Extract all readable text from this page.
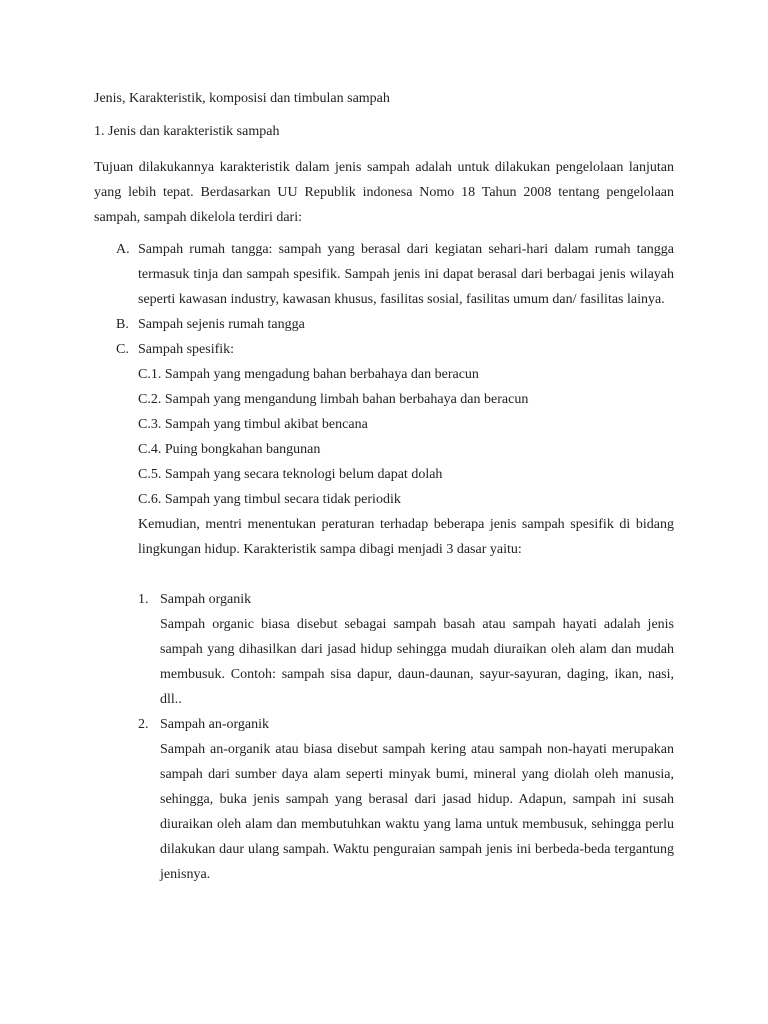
Jenis, Karakteristik, komposisi dan timbulan sampah

1. Jenis dan karakteristik sampah

Tujuan dilakukannya karakteristik dalam jenis sampah adalah untuk dilakukan pengelolaan lanjutan yang lebih tepat. Berdasarkan UU Republik indonesa Nomo 18 Tahun 2008 tentang pengelolaan sampah, sampah dikelola terdiri dari:

A. Sampah rumah tangga: sampah yang berasal dari kegiatan sehari-hari dalam rumah tangga termasuk tinja dan sampah spesifik. Sampah jenis ini dapat berasal dari berbagai jenis wilayah seperti kawasan industry, kawasan khusus, fasilitas sosial, fasilitas umum dan/ fasilitas lainya.
B. Sampah sejenis rumah tangga
C. Sampah spesifik:
C.1. Sampah yang mengadung bahan berbahaya dan beracun
C.2. Sampah yang mengandung limbah bahan berbahaya dan beracun
C.3. Sampah yang timbul akibat bencana
C.4. Puing bongkahan bangunan
C.5. Sampah yang secara teknologi belum dapat dolah
C.6. Sampah yang timbul secara tidak periodik
Kemudian, mentri menentukan peraturan terhadap beberapa jenis sampah spesifik di bidang lingkungan hidup. Karakteristik sampa dibagi menjadi 3 dasar yaitu:
1. Sampah organik
Sampah organic biasa disebut sebagai sampah basah atau sampah hayati adalah jenis sampah yang dihasilkan dari jasad hidup sehingga mudah diuraikan oleh alam dan mudah membusuk. Contoh: sampah sisa dapur, daun-daunan, sayur-sayuran, daging, ikan, nasi, dll..
2. Sampah an-organik
Sampah an-organik atau biasa disebut sampah kering atau sampah non-hayati merupakan sampah dari sumber daya alam seperti minyak bumi, mineral yang diolah oleh manusia, sehingga, buka jenis sampah yang berasal dari jasad hidup. Adapun, sampah ini susah diuraikan oleh alam dan membutuhkan waktu yang lama untuk membusuk, sehingga perlu dilakukan daur ulang sampah. Waktu penguraian sampah jenis ini berbeda-beda tergantung jenisnya.
